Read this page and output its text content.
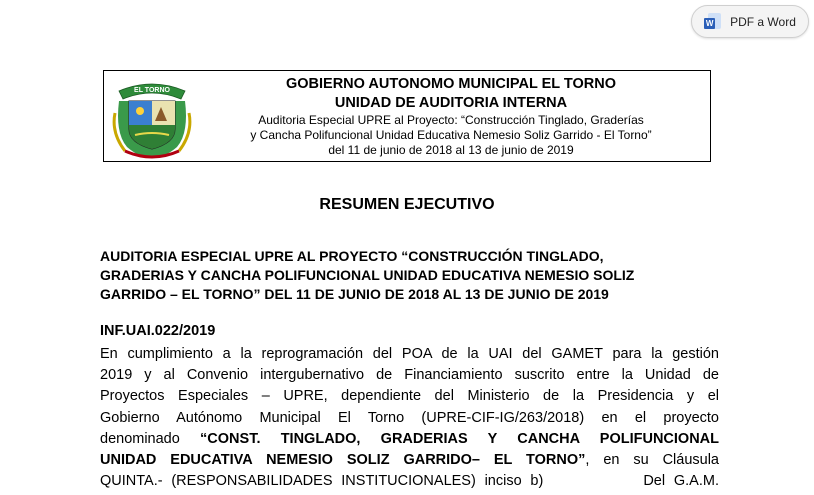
W PDF a Word
EL TORNO	GOBIERNO AUTONOMO MUNICIPAL EL TORNO
UNIDAD DE AUDITORIA INTERNA
Auditoria Especial UPRE al Proyecto: “Construcción Tinglado, Graderías
y Cancha Polifuncional Unidad Educativa Nemesio Soliz Garrido - El Torno”
del 11 de junio de 2018 al 13 de junio de 2019
RESUMEN EJECUTIVO
AUDITORIA ESPECIAL UPRE AL PROYECTO “CONSTRUCCIÓN TINGLADO,
GRADERIAS Y CANCHA POLIFUNCIONAL UNIDAD EDUCATIVA NEMESIO SOLIZ
GARRIDO – EL TORNO” DEL 11 DE JUNIO DE 2018 AL 13 DE JUNIO DE 2019
INF.UAI.022/2019
En cumplimiento a la reprogramación del POA de la UAI del GAMET para la gestión
2019 y al Convenio intergubernativo de Financiamiento suscrito entre la Unidad de
Proyectos Especiales – UPRE, dependiente del Ministerio de la Presidencia y el
Gobierno Autónomo Municipal El Torno (UPRE-CIF-IG/263/2018) en el proyecto
denominado “CONST. TINGLADO, GRADERIAS Y CANCHA POLIFUNCIONAL
UNIDAD EDUCATIVA NEMESIO SOLIZ GARRIDO– EL TORNO”, en su Cláusula
QUINTA.- (RESPONSABILIDADES INSTITUCIONALES) inciso b)	Del G.A.M.
